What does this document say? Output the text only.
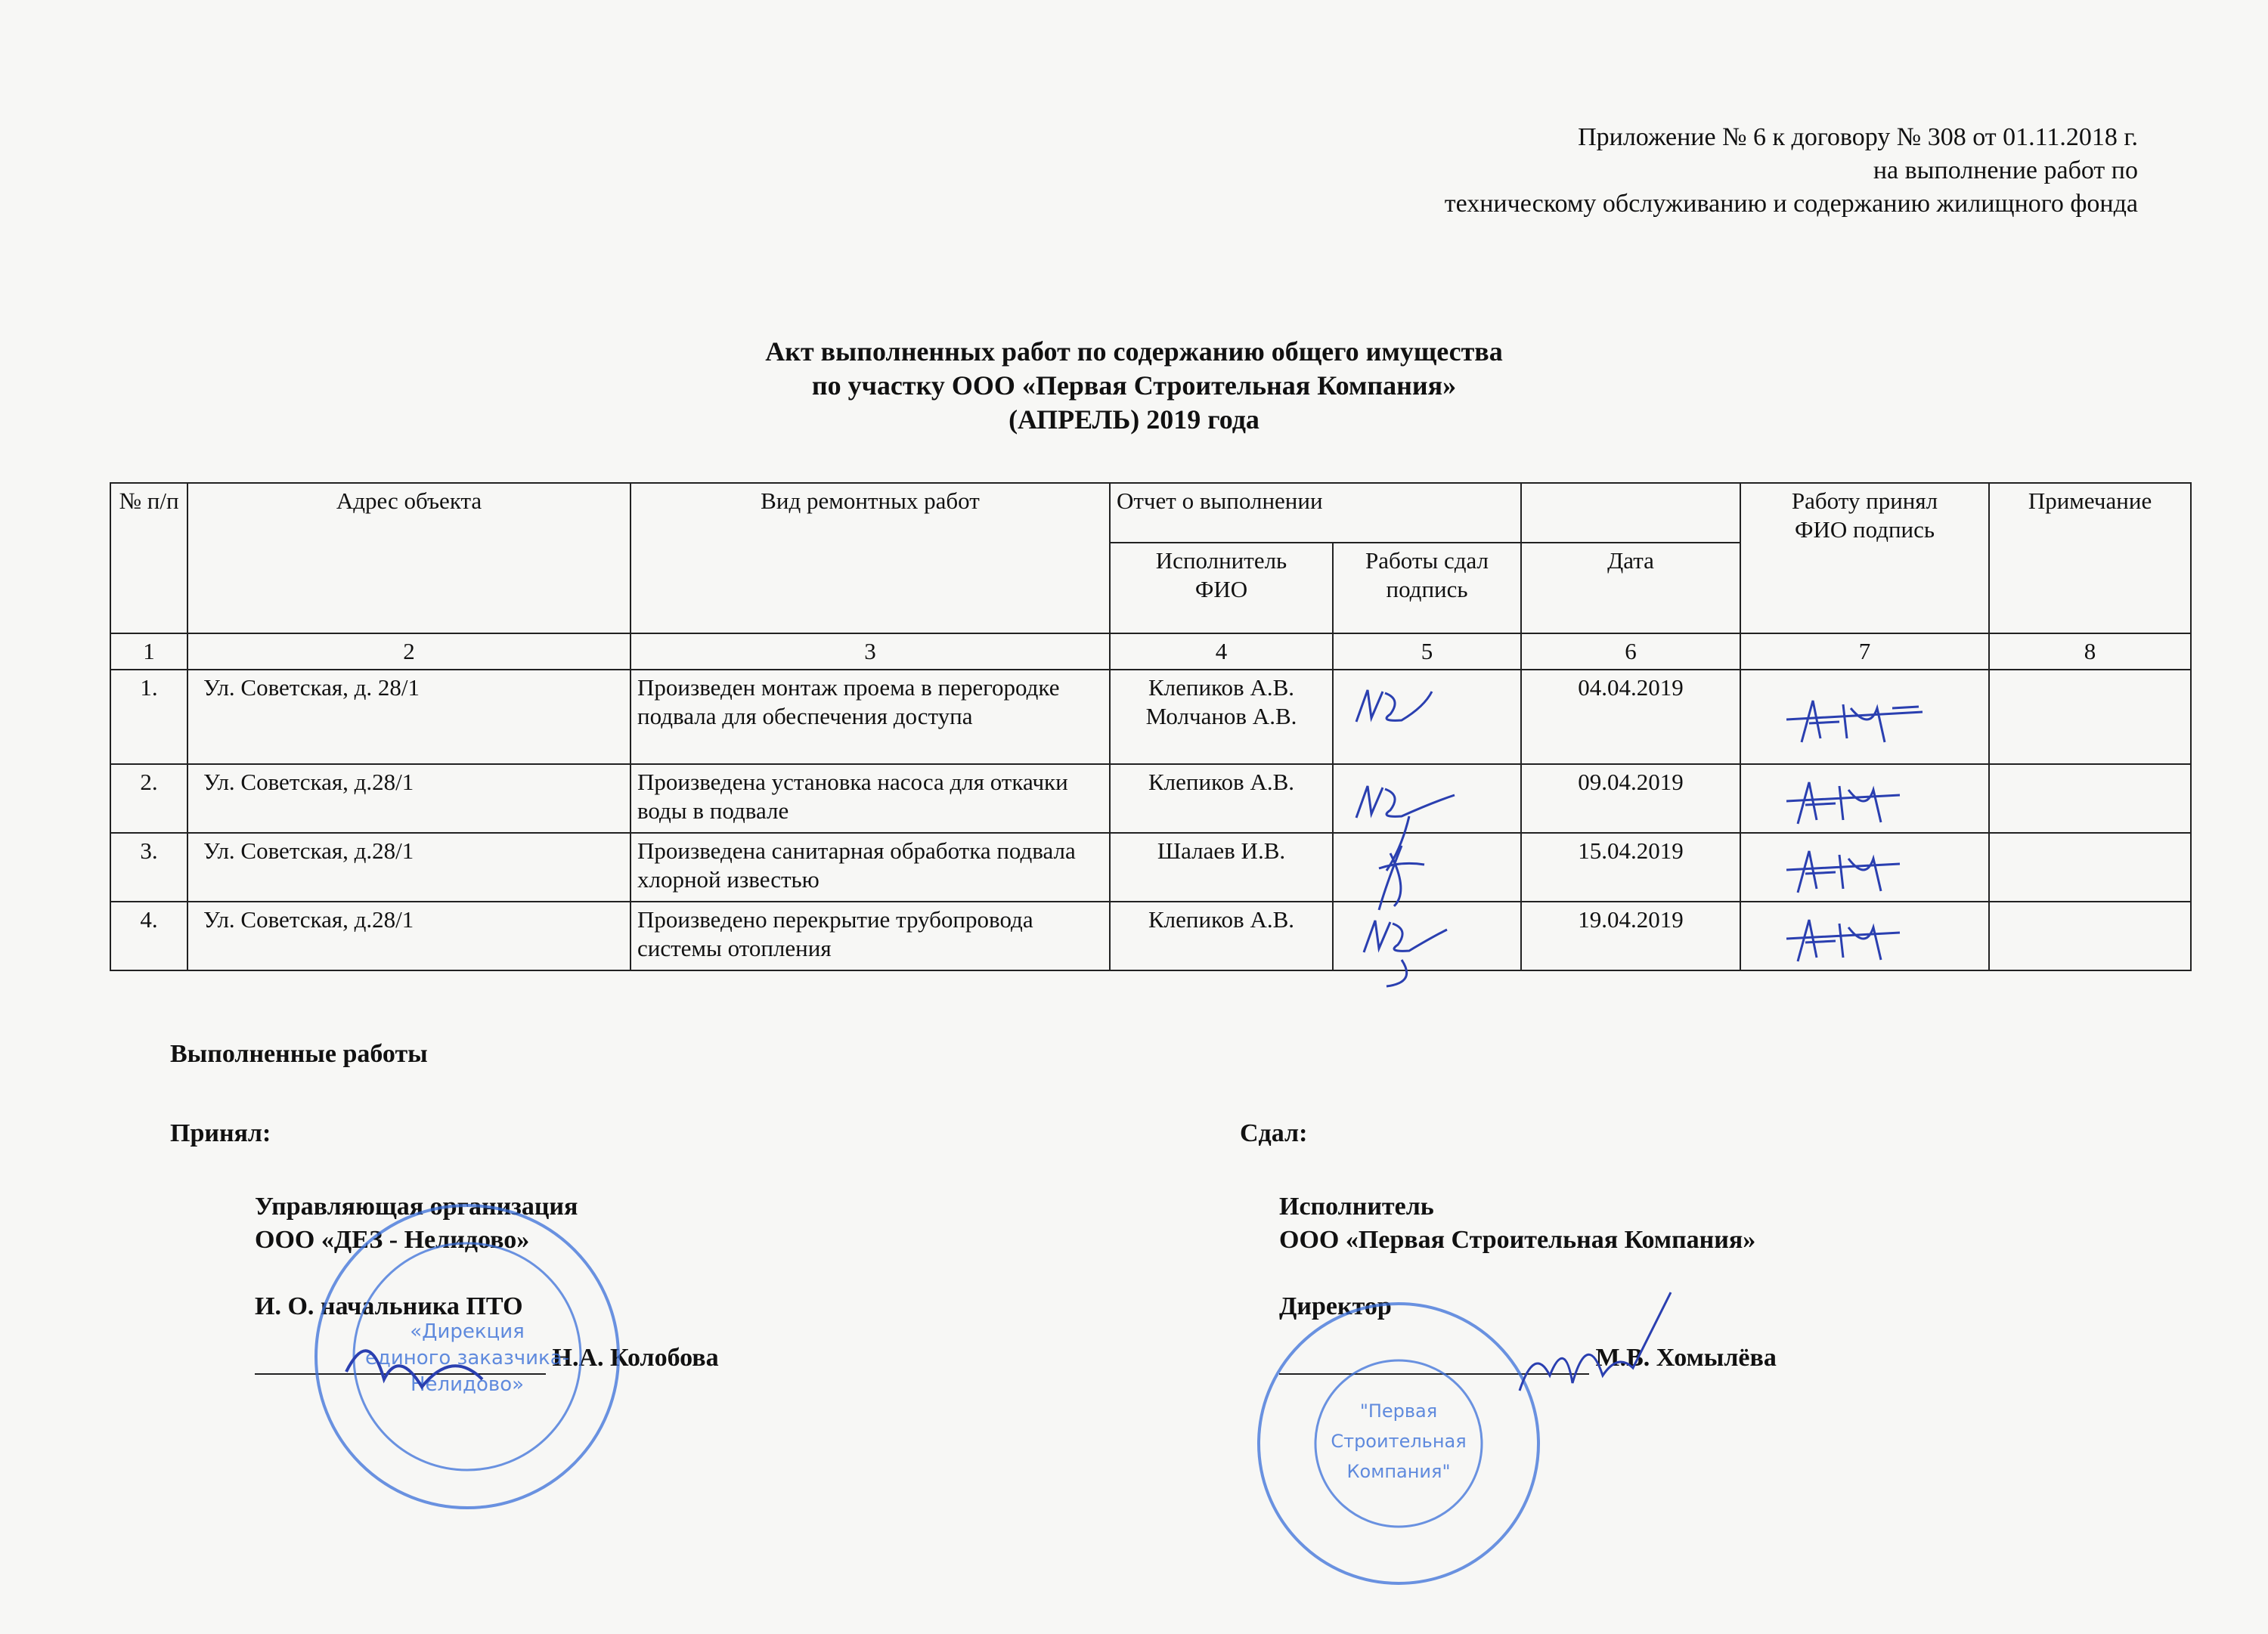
Приложение № 6 к договору № 308 от 01.11.2018 г.
на выполнение работ по
техническому обслуживанию и содержанию жилищного фонда
Акт выполненных работ по содержанию общего имущества
по участку ООО «Первая Строительная Компания»
(АПРЕЛЬ) 2019 года
№ п/п	Адрес объекта	Вид ремонтных работ	Отчет о выполнении			Работу принял ФИО подпись	Примечание
			Исполнитель ФИО	Работы сдал подпись	Дата		
1	2	3	4	5	6	7	8
1.	Ул. Советская, д. 28/1	Произведен монтаж проема в перегородке подвала для обеспечения доступа	Клепиков А.В. Молчанов А.В.		04.04.2019	

2.	Ул. Советская, д.28/1	Произведена установка насоса для откачки воды в подвале	Клепиков А.В.		09.04.2019	

3.	Ул. Советская, д.28/1	Произведена санитарная обработка подвала хлорной известью	Шалаев И.В.		15.04.2019	

4.	Ул. Советская, д.28/1	Произведено перекрытие трубопровода системы отопления	Клепиков А.В.		19.04.2019	

Выполненные работы
Принял:	Сдал:
Управляющая организация
ООО «ДЕЗ - Нелидово»
И. О. начальника ПТО
Н.А. Колобова
Исполнитель
ООО «Первая Строительная Компания»
Директор
М.В. Хомылёва
«Дирекция
единого заказчика-
Нелидово»
"Первая
Строительная
Компания"
